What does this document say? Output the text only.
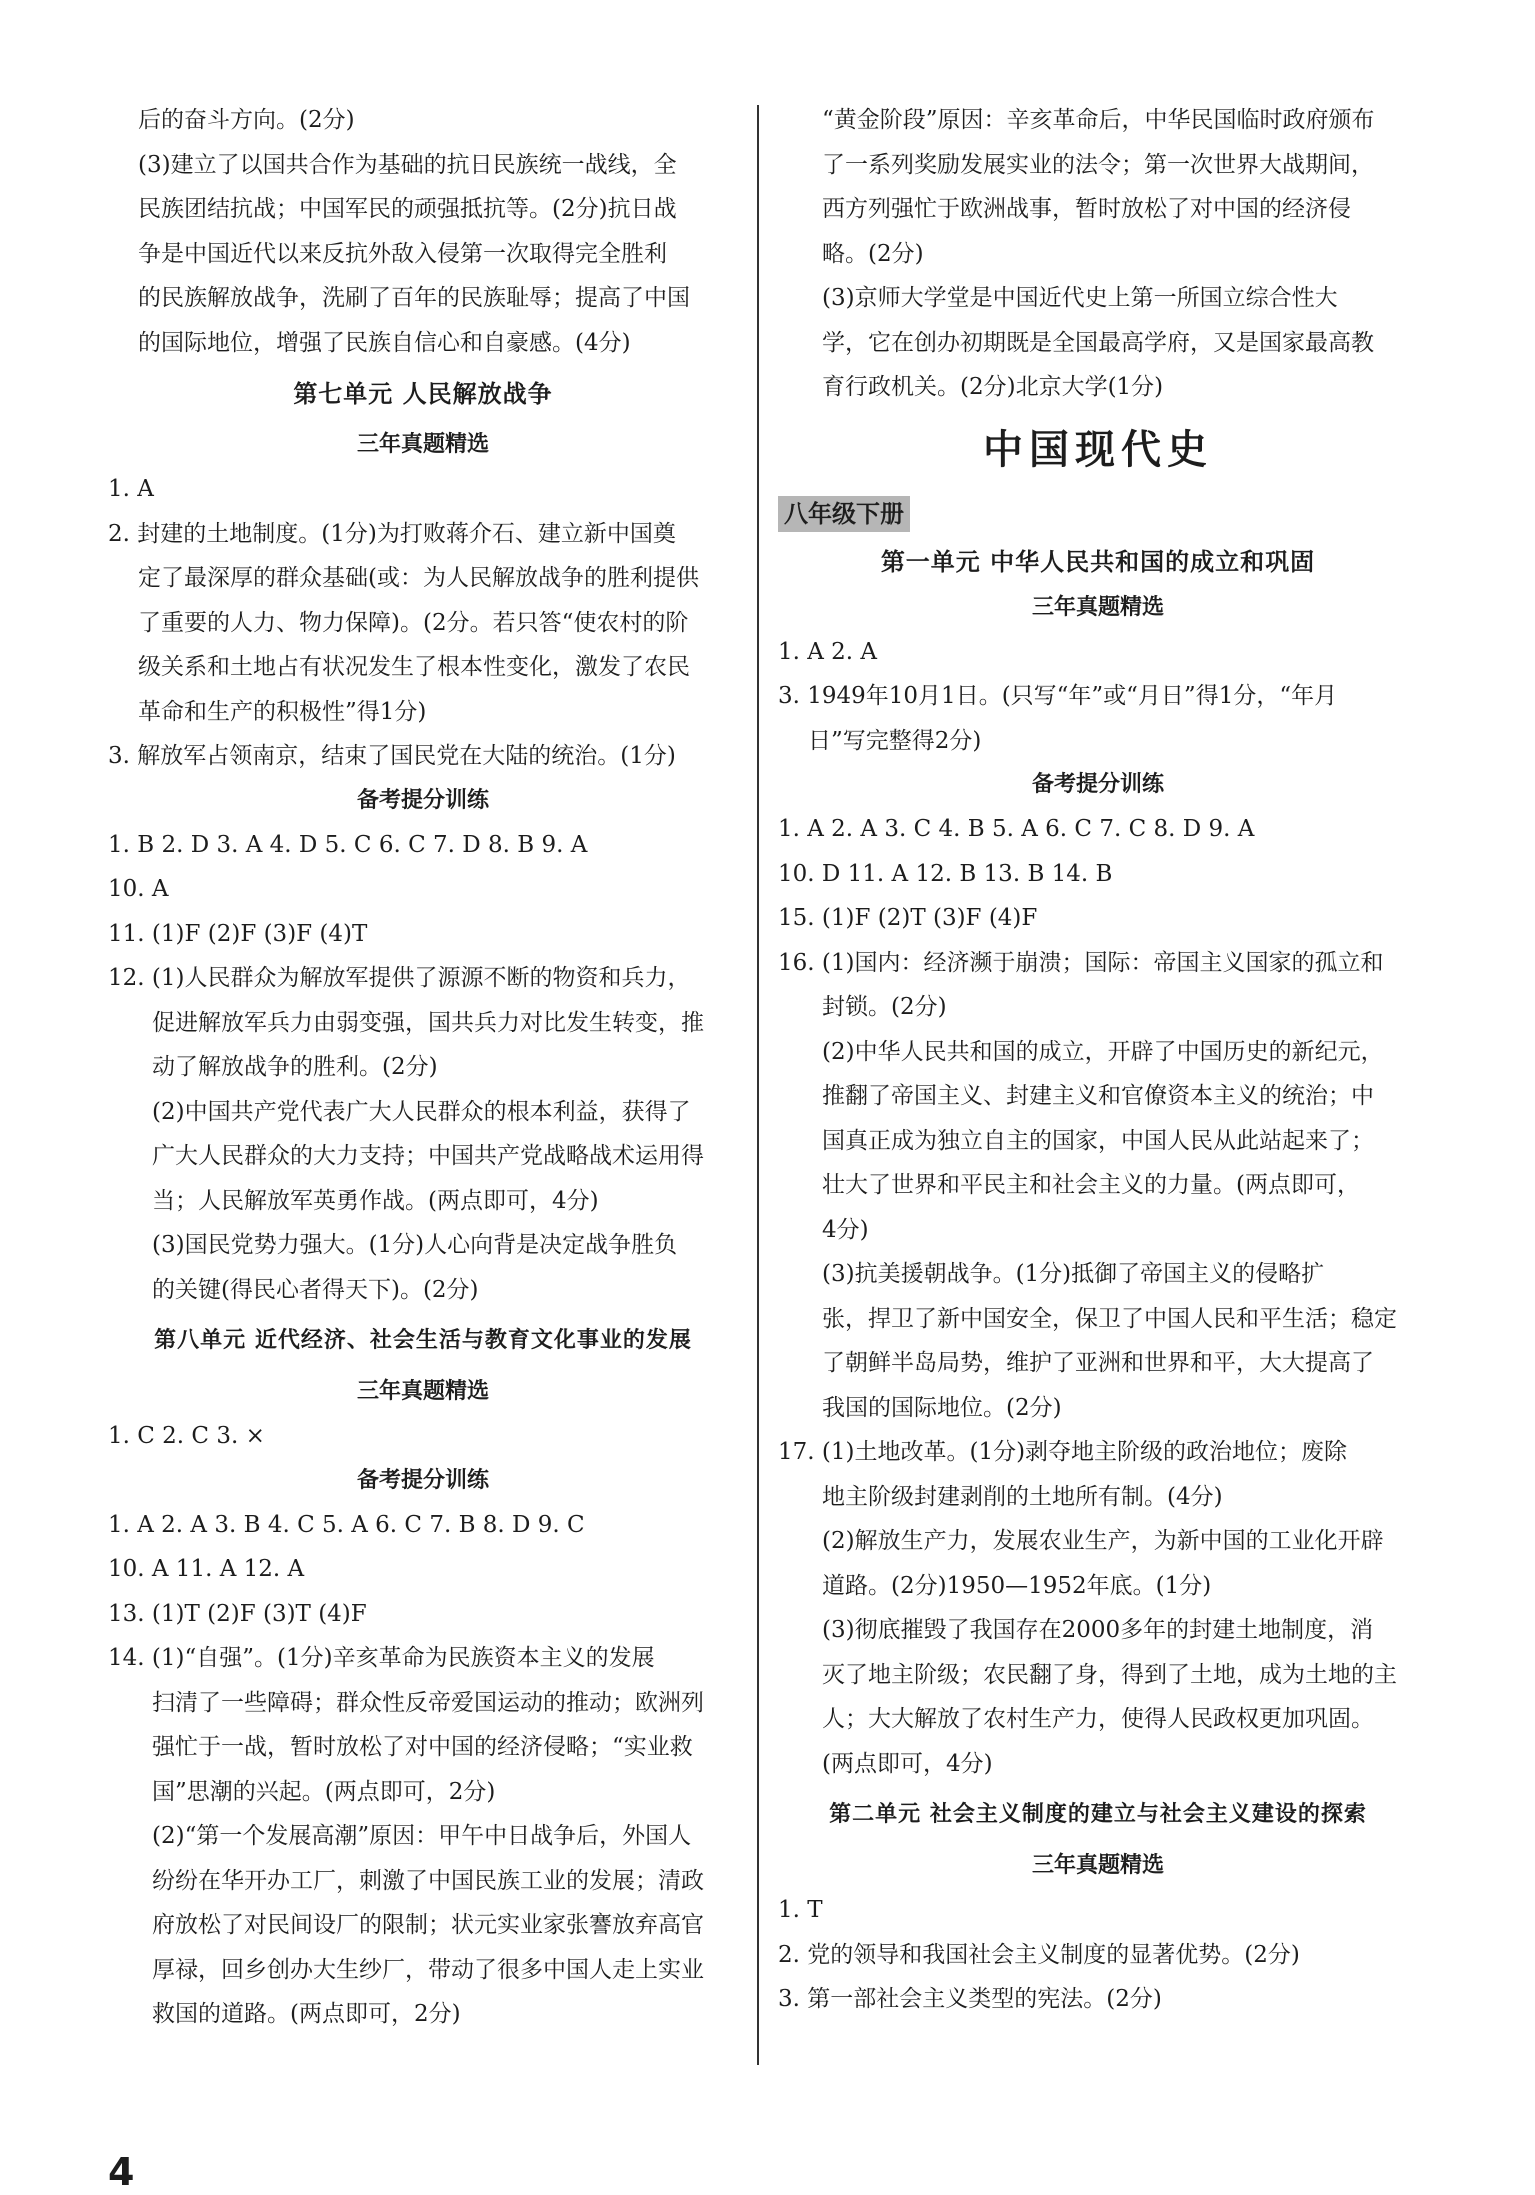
后的奋斗方向。(2分)
(3)建立了以国共合作为基础的抗日民族统一战线，全
民族团结抗战；中国军民的顽强抵抗等。(2分)抗日战
争是中国近代以来反抗外敌入侵第一次取得完全胜利
的民族解放战争，洗刷了百年的民族耻辱；提高了中国
的国际地位，增强了民族自信心和自豪感。(4分)
第七单元 人民解放战争
三年真题精选
1. A
2. 封建的土地制度。(1分)为打败蒋介石、建立新中国奠
定了最深厚的群众基础(或：为人民解放战争的胜利提供
了重要的人力、物力保障)。(2分。若只答“使农村的阶
级关系和土地占有状况发生了根本性变化，激发了农民
革命和生产的积极性”得1分)
3. 解放军占领南京，结束了国民党在大陆的统治。(1分)
备考提分训练
1. B 2. D 3. A 4. D 5. C 6. C 7. D 8. B 9. A
10. A
11. (1)F (2)F (3)F (4)T
12. (1)人民群众为解放军提供了源源不断的物资和兵力，
促进解放军兵力由弱变强，国共兵力对比发生转变，推
动了解放战争的胜利。(2分)
(2)中国共产党代表广大人民群众的根本利益，获得了
广大人民群众的大力支持；中国共产党战略战术运用得
当；人民解放军英勇作战。(两点即可，4分)
(3)国民党势力强大。(1分)人心向背是决定战争胜负
的关键(得民心者得天下)。(2分)
第八单元 近代经济、社会生活与教育文化事业的发展
三年真题精选
1. C 2. C 3. ×
备考提分训练
1. A 2. A 3. B 4. C 5. A 6. C 7. B 8. D 9. C
10. A 11. A 12. A
13. (1)T (2)F (3)T (4)F
14. (1)“自强”。(1分)辛亥革命为民族资本主义的发展
扫清了一些障碍；群众性反帝爱国运动的推动；欧洲列
强忙于一战，暂时放松了对中国的经济侵略；“实业救
国”思潮的兴起。(两点即可，2分)
(2)“第一个发展高潮”原因：甲午中日战争后，外国人
纷纷在华开办工厂，刺激了中国民族工业的发展；清政
府放松了对民间设厂的限制；状元实业家张謇放弃高官
厚禄，回乡创办大生纱厂，带动了很多中国人走上实业
救国的道路。(两点即可，2分)
“黄金阶段”原因：辛亥革命后，中华民国临时政府颁布
了一系列奖励发展实业的法令；第一次世界大战期间，
西方列强忙于欧洲战事，暂时放松了对中国的经济侵
略。(2分)
(3)京师大学堂是中国近代史上第一所国立综合性大
学，它在创办初期既是全国最高学府，又是国家最高教
育行政机关。(2分)北京大学(1分)
中国现代史
八年级下册
第一单元 中华人民共和国的成立和巩固
三年真题精选
1. A 2. A
3. 1949年10月1日。(只写“年”或“月日”得1分，“年月
日”写完整得2分)
备考提分训练
1. A 2. A 3. C 4. B 5. A 6. C 7. C 8. D 9. A
10. D 11. A 12. B 13. B 14. B
15. (1)F (2)T (3)F (4)F
16. (1)国内：经济濒于崩溃；国际：帝国主义国家的孤立和
封锁。(2分)
(2)中华人民共和国的成立，开辟了中国历史的新纪元，
推翻了帝国主义、封建主义和官僚资本主义的统治；中
国真正成为独立自主的国家，中国人民从此站起来了；
壮大了世界和平民主和社会主义的力量。(两点即可，
4分)
(3)抗美援朝战争。(1分)抵御了帝国主义的侵略扩
张，捍卫了新中国安全，保卫了中国人民和平生活；稳定
了朝鲜半岛局势，维护了亚洲和世界和平，大大提高了
我国的国际地位。(2分)
17. (1)土地改革。(1分)剥夺地主阶级的政治地位；废除
地主阶级封建剥削的土地所有制。(4分)
(2)解放生产力，发展农业生产，为新中国的工业化开辟
道路。(2分)1950—1952年底。(1分)
(3)彻底摧毁了我国存在2000多年的封建土地制度，消
灭了地主阶级；农民翻了身，得到了土地，成为土地的主
人；大大解放了农村生产力，使得人民政权更加巩固。
(两点即可，4分)
第二单元 社会主义制度的建立与社会主义建设的探索
三年真题精选
1. T
2. 党的领导和我国社会主义制度的显著优势。(2分)
3. 第一部社会主义类型的宪法。(2分)
4
